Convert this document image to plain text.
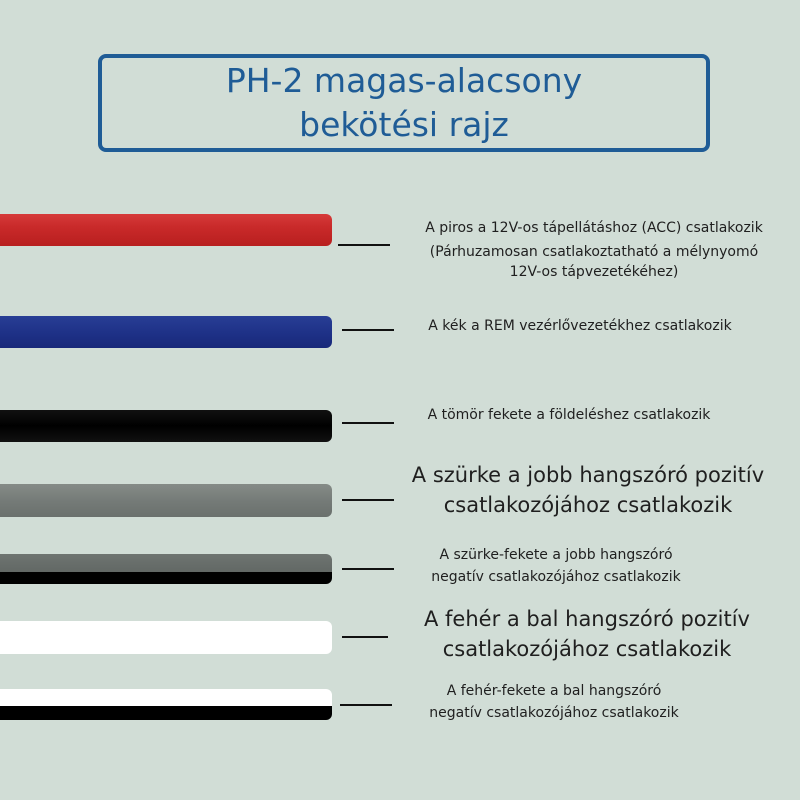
PH-2 magas-alacsony
bekötési rajz
A piros a 12V-os tápellátáshoz (ACC) csatlakozik
(Párhuzamosan csatlakoztatható a mélynyomó
12V-os tápvezetékéhez)
A kék a REM vezérlővezetékhez csatlakozik
A tömör fekete a földeléshez csatlakozik
A szürke a jobb hangszóró pozitív
csatlakozójához csatlakozik
A szürke-fekete a jobb hangszóró
negatív csatlakozójához csatlakozik
A fehér a bal hangszóró pozitív
csatlakozójához csatlakozik
A fehér-fekete a bal hangszóró
negatív csatlakozójához csatlakozik
